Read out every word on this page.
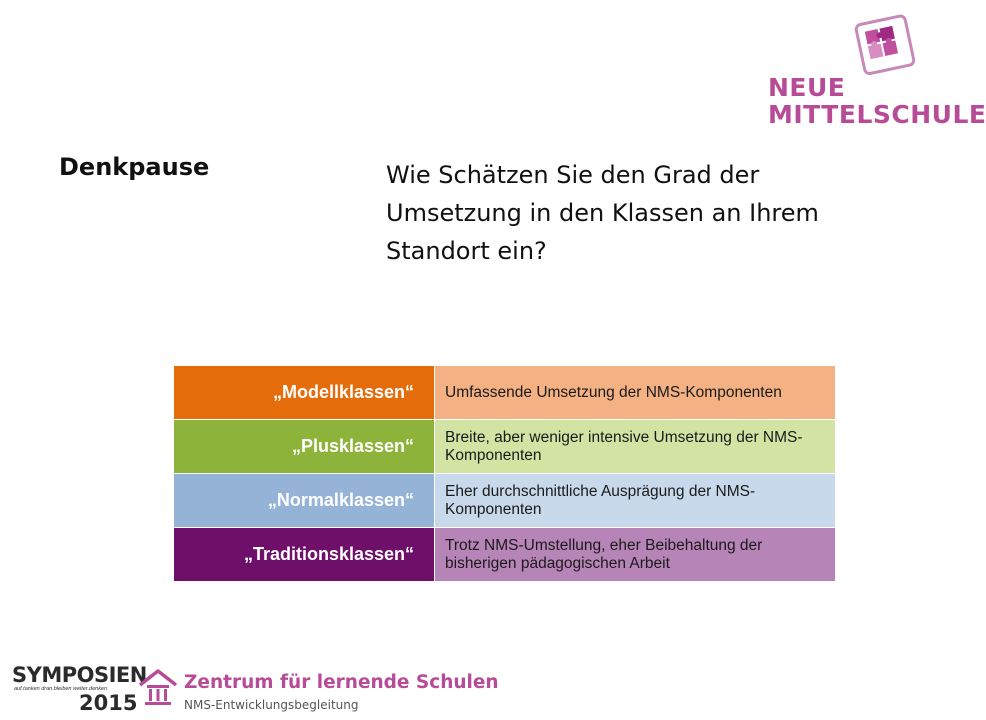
NEUE
MITTELSCHULE
Denkpause	Wie Schätzen Sie den Grad der Umsetzung in den Klassen an Ihrem Standort ein?
„Modellklassen“	Umfassende Umsetzung der NMS-Komponenten
„Plusklassen“	Breite, aber weniger intensive Umsetzung der NMS-Komponenten
„Normalklassen“	Eher durchschnittliche Ausprägung der NMS-Komponenten
„Traditionsklassen“	Trotz NMS-Umstellung, eher Beibehaltung der bisherigen pädagogischen Arbeit
SYMPOSIEN
auf.tanken dran.bleiben weiter.denken
2015
Zentrum für lernende Schulen
NMS-Entwicklungsbegleitung
